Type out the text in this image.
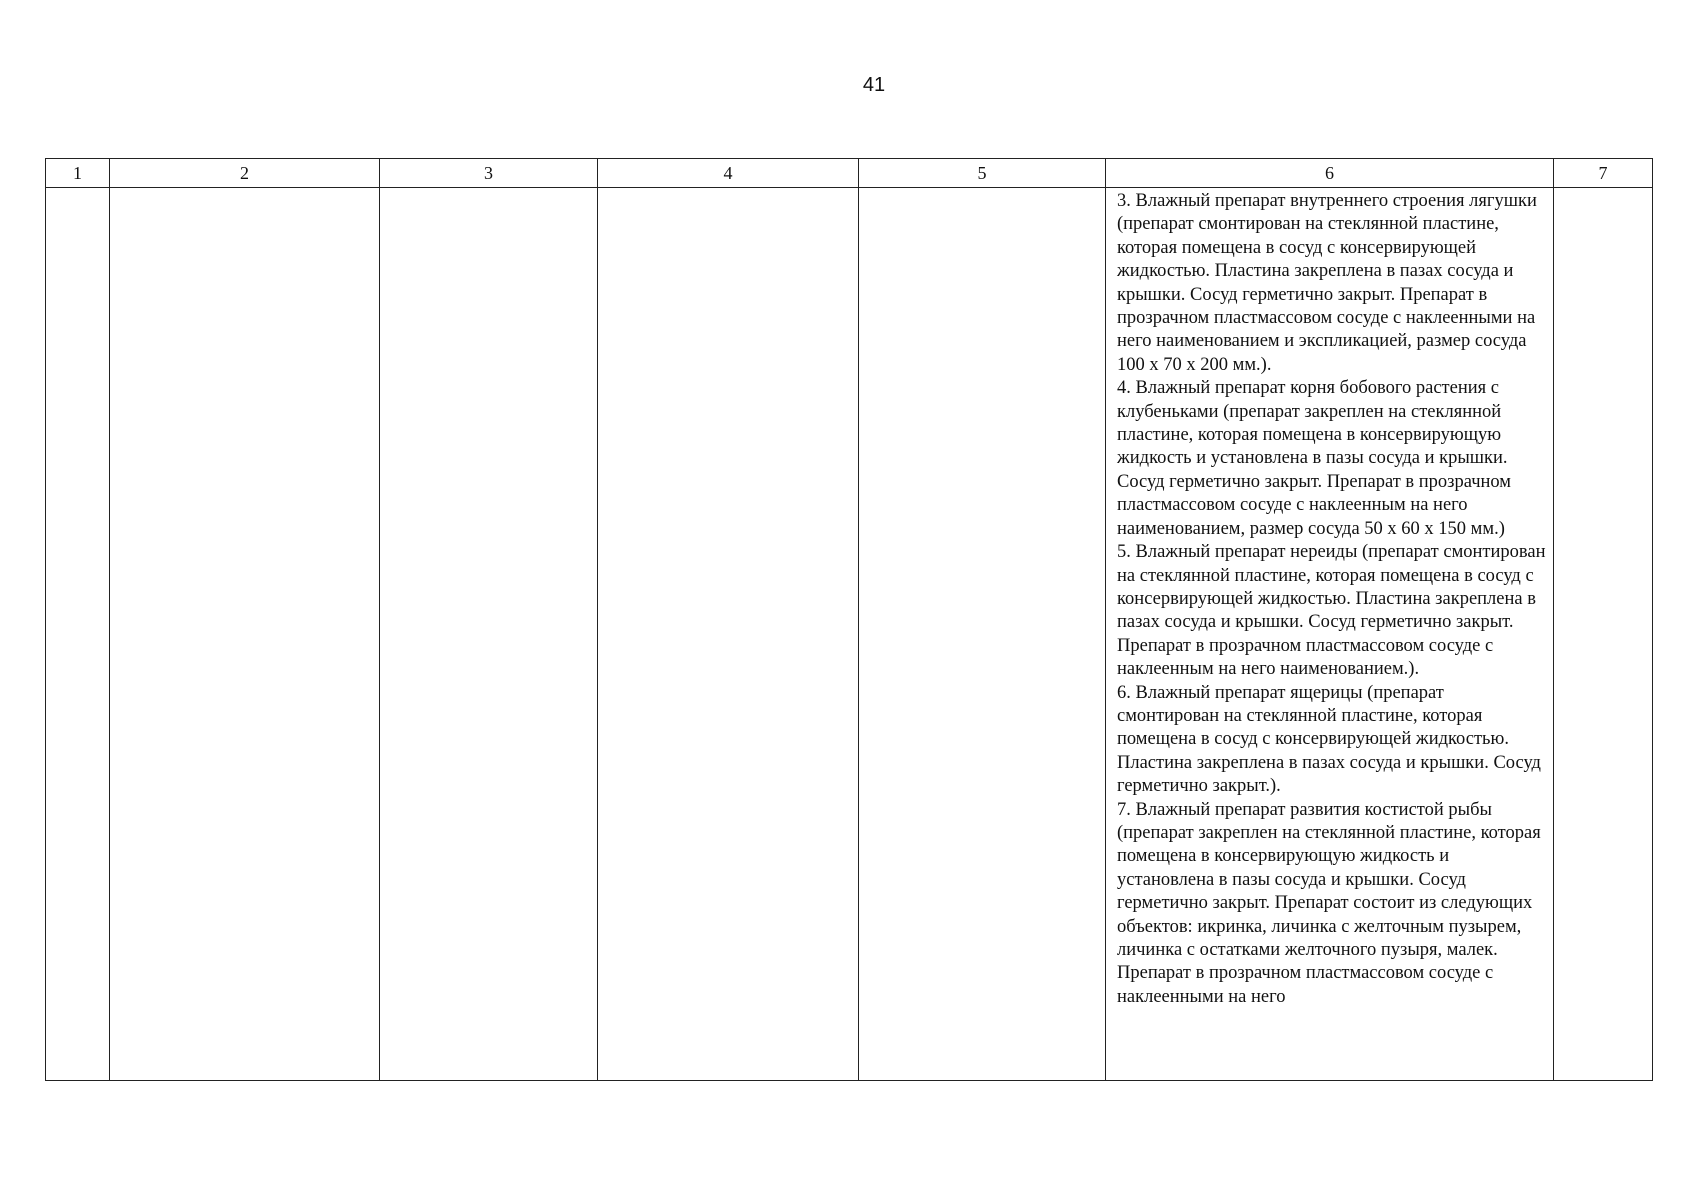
41
1	2	3	4	5	6	7

					3. Влажный препарат внутреннего строения лягушки (препарат смонтирован на стеклянной пластине, которая помещена в сосуд с консервирующей жидкостью. Пластина закреплена в пазах сосуда и крышки. Сосуд герметично закрыт. Препарат в прозрачном пластмассовом сосуде с наклеенными на него наименованием и экспликацией, размер сосуда 100 х 70 х 200 мм.).

4. Влажный препарат корня бобового растения с клубеньками (препарат закреплен на стеклянной пластине, которая помещена в консервирующую жидкость и установлена в пазы сосуда и крышки. Сосуд герметично закрыт. Препарат в прозрачном пластмассовом сосуде с наклеенным на него наименованием, размер сосуда 50 х 60 х 150 мм.)

5. Влажный препарат нереиды (препарат смонтирован на стеклянной пластине, которая помещена в сосуд с консервирующей жидкостью. Пластина закреплена в пазах сосуда и крышки. Сосуд герметично закрыт. Препарат в прозрачном пластмассовом сосуде с наклеенным на него наименованием.).

6. Влажный препарат ящерицы (препарат смонтирован на стеклянной пластине, которая помещена в сосуд с консервирующей жидкостью. Пластина закреплена в пазах сосуда и крышки. Сосуд герметично закрыт.).

7. Влажный препарат развития костистой рыбы (препарат закреплен на стеклянной пластине, которая помещена в консервирующую жидкость и установлена в пазы сосуда и крышки. Сосуд герметично закрыт. Препарат состоит из следующих объектов: икринка, личинка с желточным пузырем, личинка с остатками желточного пузыря, малек. Препарат в прозрачном пластмассовом сосуде с наклеенными на него	
